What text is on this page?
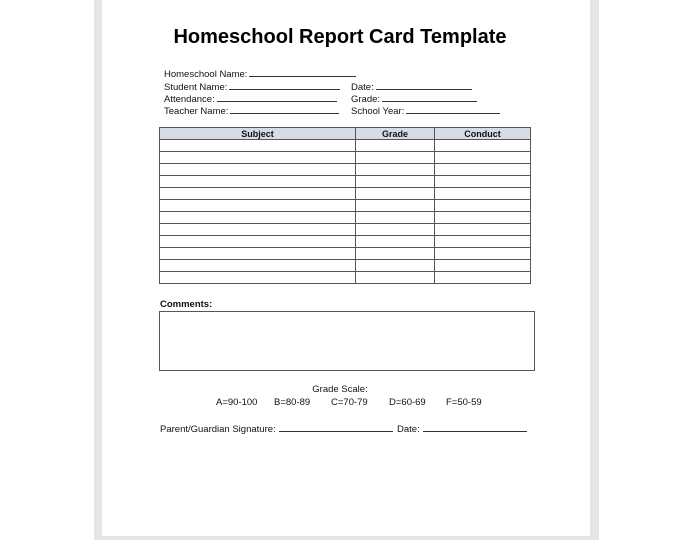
Homeschool Report Card Template
Homeschool Name:
Student Name:	Date:
Attendance:	Grade:
Teacher Name:	School Year:
Subject	Grade	Conduct

Comments:
Grade Scale:
A=90-100 B=80-89 C=70-79 D=60-69 F=50-59
Parent/Guardian Signature:	Date:
